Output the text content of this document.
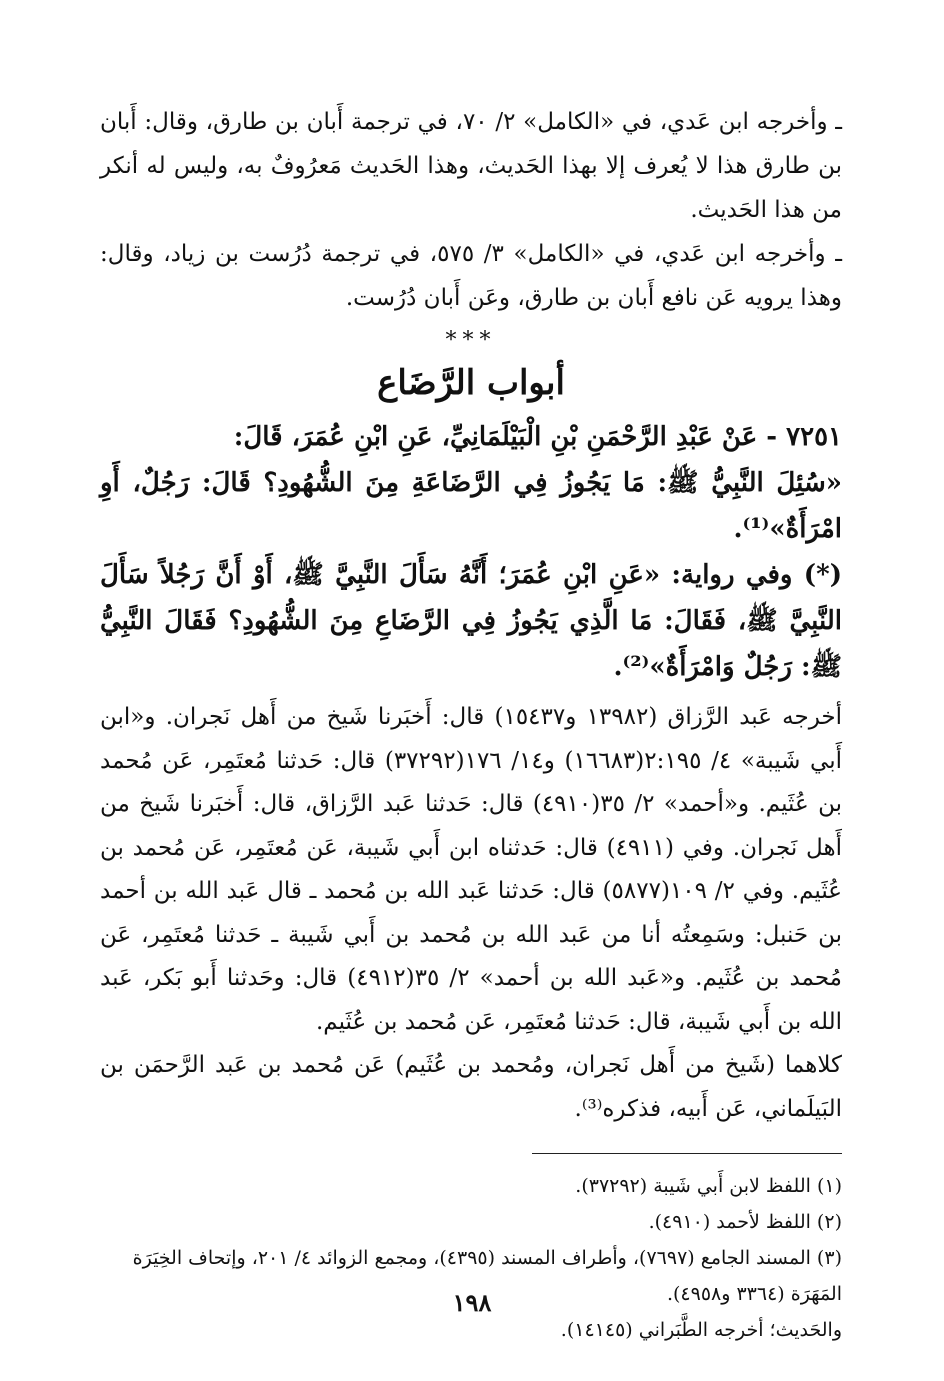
ـ وأخرجه ابن عَدي، في «الكامل» ٢/ ٧٠، في ترجمة أَبان بن طارق، وقال: أَبان بن طارق هذا لا يُعرف إلا بهذا الحَديث، وهذا الحَديث مَعرُوفٌ به، وليس له أنكر من هذا الحَديث.

ـ وأخرجه ابن عَدي، في «الكامل» ٣/ ٥٧٥، في ترجمة دُرُست بن زياد، وقال: وهذا يرويه عَن نافع أَبان بن طارق، وعَن أَبان دُرُست.

***
أبواب الرَّضَاع

٧٢٥١ - عَنْ عَبْدِ الرَّحْمَنِ بْنِ الْبَيْلَمَانِيِّ، عَنِ ابْنِ عُمَرَ، قَالَ:

«سُئِلَ النَّبِيُّ ﷺ: مَا يَجُوزُ فِي الرَّضَاعَةِ مِنَ الشُّهُودِ؟ قَالَ: رَجُلٌ، أَوِ امْرَأَةٌ»⁽¹⁾.

(*) وفي رواية: «عَنِ ابْنِ عُمَرَ؛ أَنَّهُ سَأَلَ النَّبِيَّ ﷺ، أَوْ أَنَّ رَجُلاً سَأَلَ النَّبِيَّ ﷺ، فَقَالَ: مَا الَّذِي يَجُوزُ فِي الرَّضَاعِ مِنَ الشُّهُودِ؟ فَقَالَ النَّبِيُّ ﷺ: رَجُلٌ وَامْرَأَةٌ»⁽²⁾.

أخرجه عَبد الرَّزاق (١٣٩٨٢ و١٥٤٣٧) قال: أَخبَرنا شَيخ من أَهل نَجران. و«ابن أَبي شَيبة» ٤/ ٢:١٩٥(١٦٦٨٣) و١٤/ ١٧٦(٣٧٢٩٢) قال: حَدثنا مُعتَمِر، عَن مُحمد بن عُثَيم. و«أحمد» ٢/ ٣٥(٤٩١٠) قال: حَدثنا عَبد الرَّزاق، قال: أَخبَرنا شَيخ من أَهل نَجران. وفي (٤٩١١) قال: حَدثناه ابن أَبي شَيبة، عَن مُعتَمِر، عَن مُحمد بن عُثَيم. وفي ٢/ ١٠٩(٥٨٧٧) قال: حَدثنا عَبد الله بن مُحمد ـ قال عَبد الله بن أحمد بن حَنبل: وسَمِعتُه أنا من عَبد الله بن مُحمد بن أَبي شَيبة ـ حَدثنا مُعتَمِر، عَن مُحمد بن عُثَيم. و«عَبد الله بن أحمد» ٢/ ٣٥(٤٩١٢) قال: وحَدثنا أَبو بَكر، عَبد الله بن أَبي شَيبة، قال: حَدثنا مُعتَمِر، عَن مُحمد بن عُثَيم.

كلاهما (شَيخ من أَهل نَجران، ومُحمد بن عُثَيم) عَن مُحمد بن عَبد الرَّحمَن بن البَيلَماني، عَن أَبيه، فذكره⁽³⁾.

(١) اللفظ لابن أَبي شَيبة (٣٧٢٩٢).

(٢) اللفظ لأحمد (٤٩١٠).

(٣) المسند الجامع (٧٦٩٧)، وأطراف المسند (٤٣٩٥)، ومجمع الزوائد ٤/ ٢٠١، وإتحاف الخِيَرَة المَهَرَة (٣٣٦٤ و٤٩٥٨).

والحَديث؛ أخرجه الطَّبَراني (١٤١٤٥).

١٩٨
